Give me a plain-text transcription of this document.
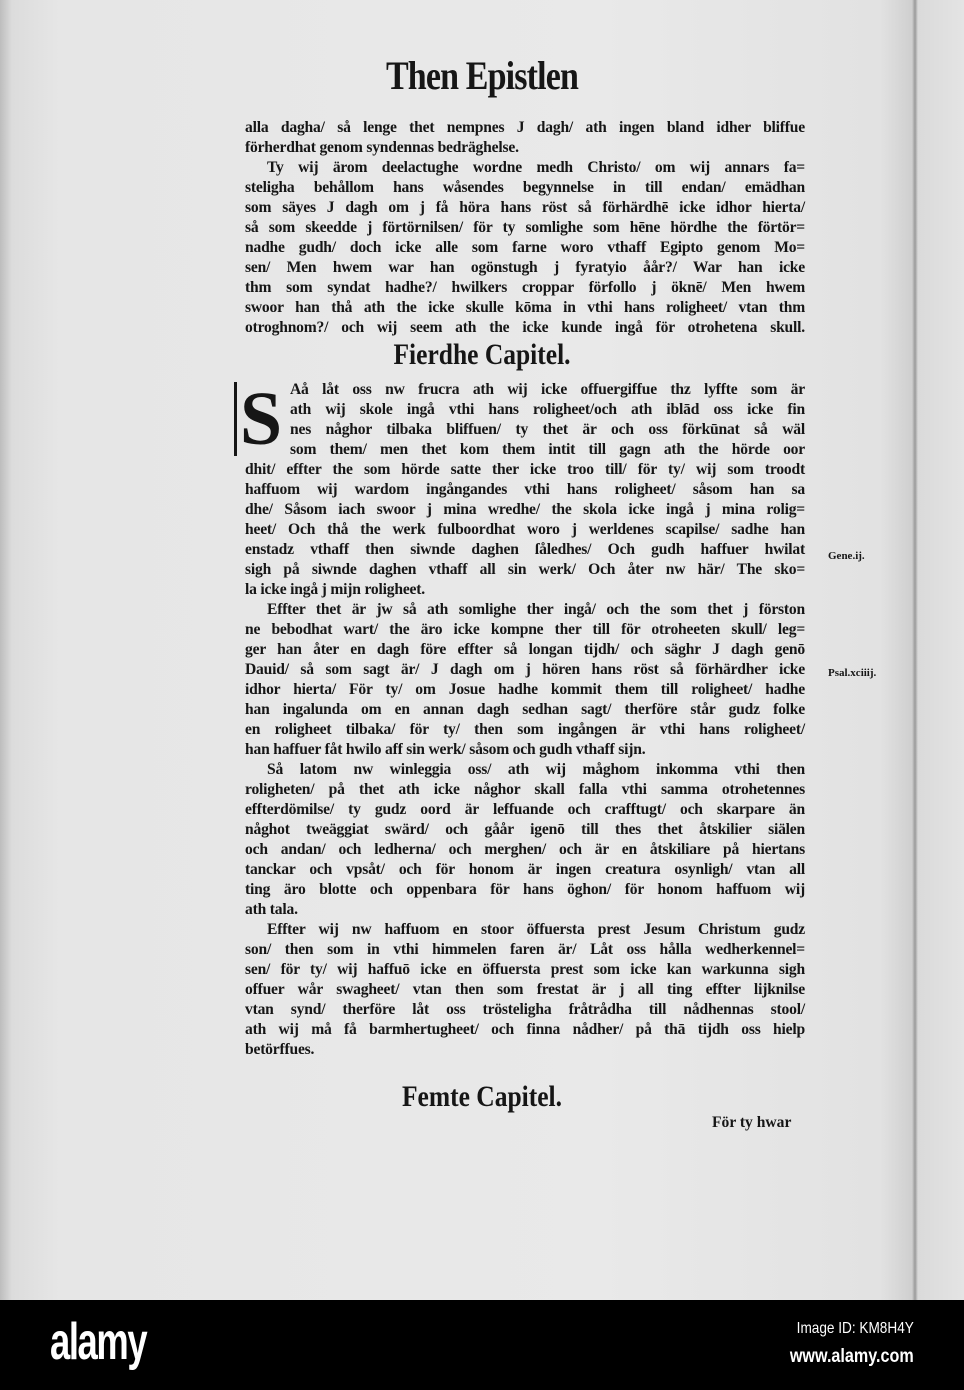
Then Epistlen
alla dagha/ så lenge thet nempnes J dagh/ ath ingen bland idher bliffue
förherdhat genom syndennas bedräghelse.
Ty wij ärom deelactughe wordne medh Christo/ om wij annars fa=
steligha behållom hans wåsendes begynnelse in till endan/ emädhan
som säyes J dagh om j få höra hans röst så förhärdhē icke idhor hierta/
så som skeedde j förtörnilsen/ för ty somlighe som hēne hördhe the förtör=
nadhe gudh/ doch icke alle som farne woro vthaff Egipto genom Mo=
sen/ Men hwem war han ogönstugh j fyratyio åår?/ War han icke
thm som syndat hadhe?/ hwilkers croppar förfollo j öknē/ Men hwem
swoor han thå ath the icke skulle kōma in vthi hans roligheet/ vtan thm
otroghnom?/ och wij seem ath the icke kunde ingå för otrohetena skull.
Fierdhe Capitel.
S Aå låt oss nw frucra ath wij icke offuergiffue thz lyffte som är
ath wij skole ingå vthi hans roligheet/och ath iblād oss icke fin
nes någhor tilbaka bliffuen/ ty thet är och oss förkūnat så wäl
som them/ men thet kom them intit till gagn ath the hörde oor
dhit/ effter the som hörde satte ther icke troo till/ för ty/ wij som troodt
haffuom wij wardom ingångandes vthi hans roligheet/ såsom han sa
dhe/ Såsom iach swoor j mina wredhe/ the skola icke ingå j mina rolig=
heet/ Och thå the werk fulboordhat woro j werldenes scapilse/ sadhe han
enstadz vthaff then siwnde daghen ſåledhes/ Och gudh haffuer hwilat
sigh på siwnde daghen vthaff all sin werk/ Och åter nw här/ The sko=
la icke ingå j mijn roligheet.
Effter thet är jw så ath somlighe ther ingå/ och the som thet j förston
ne bebodhat wart/ the äro icke kompne ther till för otroheeten skull/ leg=
ger han åter en dagh före effter så longan tijdh/ och säghr J dagh genō
Dauid/ så som sagt är/ J dagh om j hören hans röst så förhärdher icke
idhor hierta/ För ty/ om Josue hadhe kommit them till roligheet/ hadhe
han ingalunda om en annan dagh sedhan sagt/ therföre står gudz folke
en roligheet tilbaka/ för ty/ then som ingången är vthi hans roligheet/
han haffuer fåt hwilo aff sin werk/ såsom och gudh vthaff sijn.
Så latom nw winleggia oss/ ath wij måghom inkomma vthi then
roligheten/ på thet ath icke någhor skall falla vthi samma otrohetennes
effterdömilse/ ty gudz oord är leffuande och crafftugt/ och skarpare än
någhot tweäggiat swärd/ och gåår igenō till thes thet åtskilier siälen
och andan/ och ledherna/ och merghen/ och är en åtskiliare på hiertans
tanckar och vpsåt/ och för honom är ingen creatura osynligh/ vtan all
ting äro blotte och oppenbara för hans öghon/ för honom haffuom wij
ath tala.
Effter wij nw haffuom en stoor öffuersta prest Jesum Christum gudz
son/ then som in vthi himmelen faren är/ Låt oss hålla wedherkennel=
sen/ för ty/ wij haffuō icke en öffuersta prest som icke kan warkunna sigh
offuer wår swagheet/ vtan then som frestat är j all ting effter lijknilse
vtan synd/ therföre låt oss tröstelighа fråtrådha till nådhennas stool/
ath wij må få barmhertugheet/ och finna nådher/ på thā tijdh oss hielp
betörffues.
Gene.ij.
Psal.xciiij.
Femte Capitel.
För ty hwar
alamy	Image ID: KM8H4Y
www.alamy.com
